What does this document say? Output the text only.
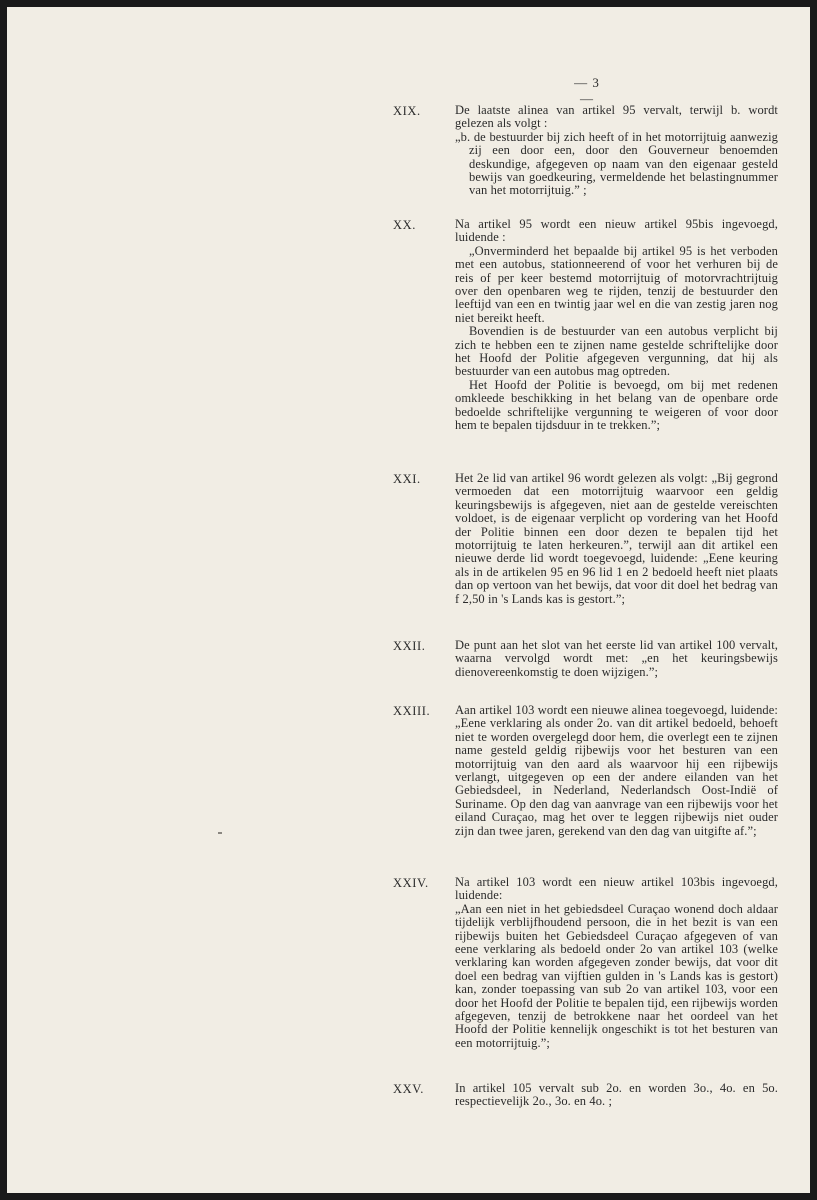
— 3 —
XIX.	De laatste alinea van artikel 95 vervalt, terwijl b. wordt gelezen als volgt :

„b. de bestuurder bij zich heeft of in het motorrijtuig aanwezig zij een door een, door den Gouverneur benoemden deskundige, afgegeven op naam van den eigenaar gesteld bewijs van goedkeuring, vermeldende het belastingnummer van het motorrijtuig.” ;

XX.	Na artikel 95 wordt een nieuw artikel 95bis ingevoegd, luidende :

„Onverminderd het bepaalde bij artikel 95 is het verboden met een autobus, stationneerend of voor het verhuren bij de reis of per keer bestemd motorrijtuig of motorvrachtrijtuig over den openbaren weg te rijden, tenzij de bestuurder den leeftijd van een en twintig jaar wel en die van zestig jaren nog niet bereikt heeft.

Bovendien is de bestuurder van een autobus verplicht bij zich te hebben een te zijnen name gestelde schriftelijke door het Hoofd der Politie afgegeven vergunning, dat hij als bestuurder van een autobus mag optreden.

Het Hoofd der Politie is bevoegd, om bij met redenen omkleede beschikking in het belang van de openbare orde bedoelde schriftelijke vergunning te weigeren of voor door hem te bepalen tijdsduur in te trekken.”;

XXI.	Het 2e lid van artikel 96 wordt gelezen als volgt: „Bij gegrond vermoeden dat een motorrijtuig waarvoor een geldig keuringsbewijs is afgegeven, niet aan de gestelde vereischten voldoet, is de eigenaar verplicht op vordering van het Hoofd der Politie binnen een door dezen te bepalen tijd het motorrijtuig te laten herkeuren.”, terwijl aan dit artikel een nieuwe derde lid wordt toegevoegd, luidende: „Eene keuring als in de artikelen 95 en 96 lid 1 en 2 bedoeld heeft niet plaats dan op vertoon van het bewijs, dat voor dit doel het bedrag van f 2,50 in 's Lands kas is gestort.”;

XXII. De punt aan het slot van het eerste lid van artikel 100 vervalt, waarna vervolgd wordt met: „en het keuringsbewijs dienovereenkomstig te doen wijzigen.”;

XXIII. Aan artikel 103 wordt een nieuwe alinea toegevoegd, luidende: „Eene verklaring als onder 2o. van dit artikel bedoeld, behoeft niet te worden overgelegd door hem, die overlegt een te zijnen name gesteld geldig rijbewijs voor het besturen van een motorrijtuig van den aard als waarvoor hij een rijbewijs verlangt, uitgegeven op een der andere eilanden van het Gebiedsdeel, in Nederland, Nederlandsch Oost-Indië of Suriname. Op den dag van aanvrage van een rijbewijs voor het eiland Curaçao, mag het over te leggen rijbewijs niet ouder zijn dan twee jaren, gerekend van den dag van uitgifte af.”;

XXIV. Na artikel 103 wordt een nieuw artikel 103bis ingevoegd, luidende:

„Aan een niet in het gebiedsdeel Curaçao wonend doch aldaar tijdelijk verblijfhoudend persoon, die in het bezit is van een rijbewijs buiten het Gebiedsdeel Curaçao afgegeven of van eene verklaring als bedoeld onder 2o van artikel 103 (welke verklaring kan worden afgegeven zonder bewijs, dat voor dit doel een bedrag van vijftien gulden in 's Lands kas is gestort) kan, zonder toepassing van sub 2o van artikel 103, voor een door het Hoofd der Politie te bepalen tijd, een rijbewijs worden afgegeven, tenzij de betrokkene naar het oordeel van het Hoofd der Politie kennelijk ongeschikt is tot het besturen van een motorrijtuig.”;

XXV. In artikel 105 vervalt sub 2o. en worden 3o., 4o. en 5o. respectievelijk 2o., 3o. en 4o. ;
